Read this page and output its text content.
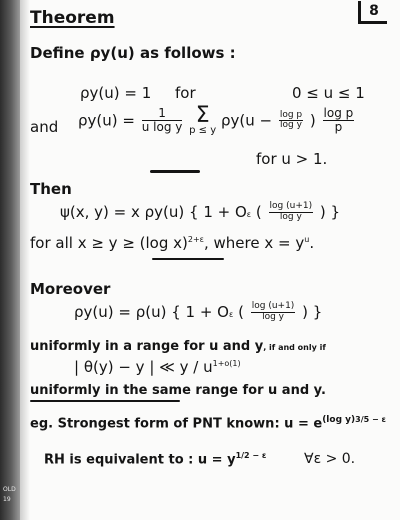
OLD
19
Theorem	8
Define ρy(u) as follows :
ρy(u) = 1 for	0 ≤ u ≤ 1
and $\rho y(u) = \frac{1}{\text{u log y}}$
Σ
p ≤ y
$\rho y(u - \frac{\text{log p}}{\text{log y}}$ ) $\frac{\text{log p}}{p}$
for u > 1.
Then
ψ(x, y) = x ρy(u) { 1 + Oε ( $\frac{\log (u+1)}{\text{log y}}$ ) }
for all x ≥ y ≥ (log x)$^{2+\varepsilon}$, where $x = y^u$.
Moreover
ρy(u) = ρ(u) { 1 + Oε ( $\frac{\log (u+1)}{\text{log y}}$ ) }
uniformly in a range for u and y, if and only if
| θ(y) − y | ≪ y / $u^{1+o(1)}$
uniformly in the same range for u and y.
eg. Strongest form of PNT known: $u = e^{(log y)3/5 - \varepsilon}$
RH is equivalent to : $u = y^{1/2 - \varepsilon}$	∀ε > 0.
